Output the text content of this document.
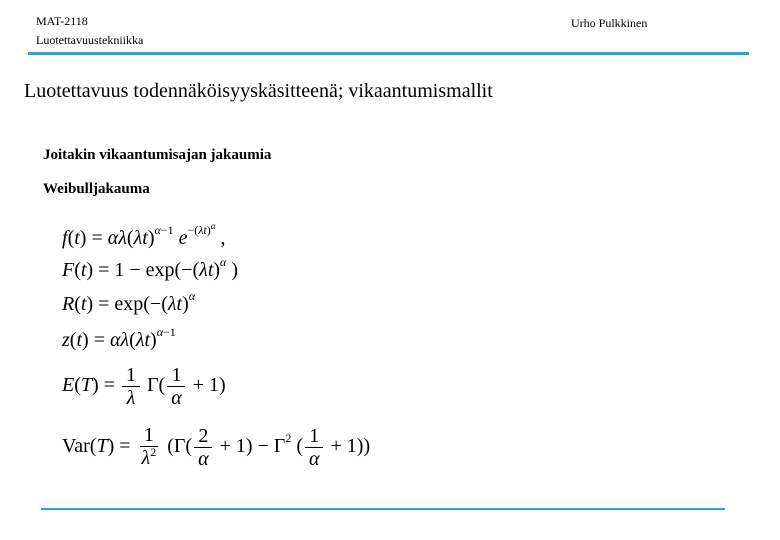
MAT-2118
Luotettavuustekniikka
Urho Pulkkinen
Luotettavuus todennäköisyyskäsitteenä; vikaantumismallit
Joitakin vikaantumisajan jakaumia
Weibulljakauma
$f(t) = \alpha\lambda(\lambda t)^{\alpha-1}$ $e^{-(\lambda t)^\alpha}$ ,
$F(t) = 1 - \exp(-(\lambda t)^\alpha$ )
$R(t) = \exp(-(\lambda t)^\alpha$
$z(t) = \alpha\lambda(\lambda t)^{\alpha-1}$
$E(T) = \frac{1}{\lambda} \Gamma( \frac{1}{\alpha} + 1)$
$Var(T) = \frac{1}{\lambda^2} (\Gamma( \frac{2}{\alpha} + 1) - \Gamma^2$ ( $\frac{1}{\alpha} + 1$))
